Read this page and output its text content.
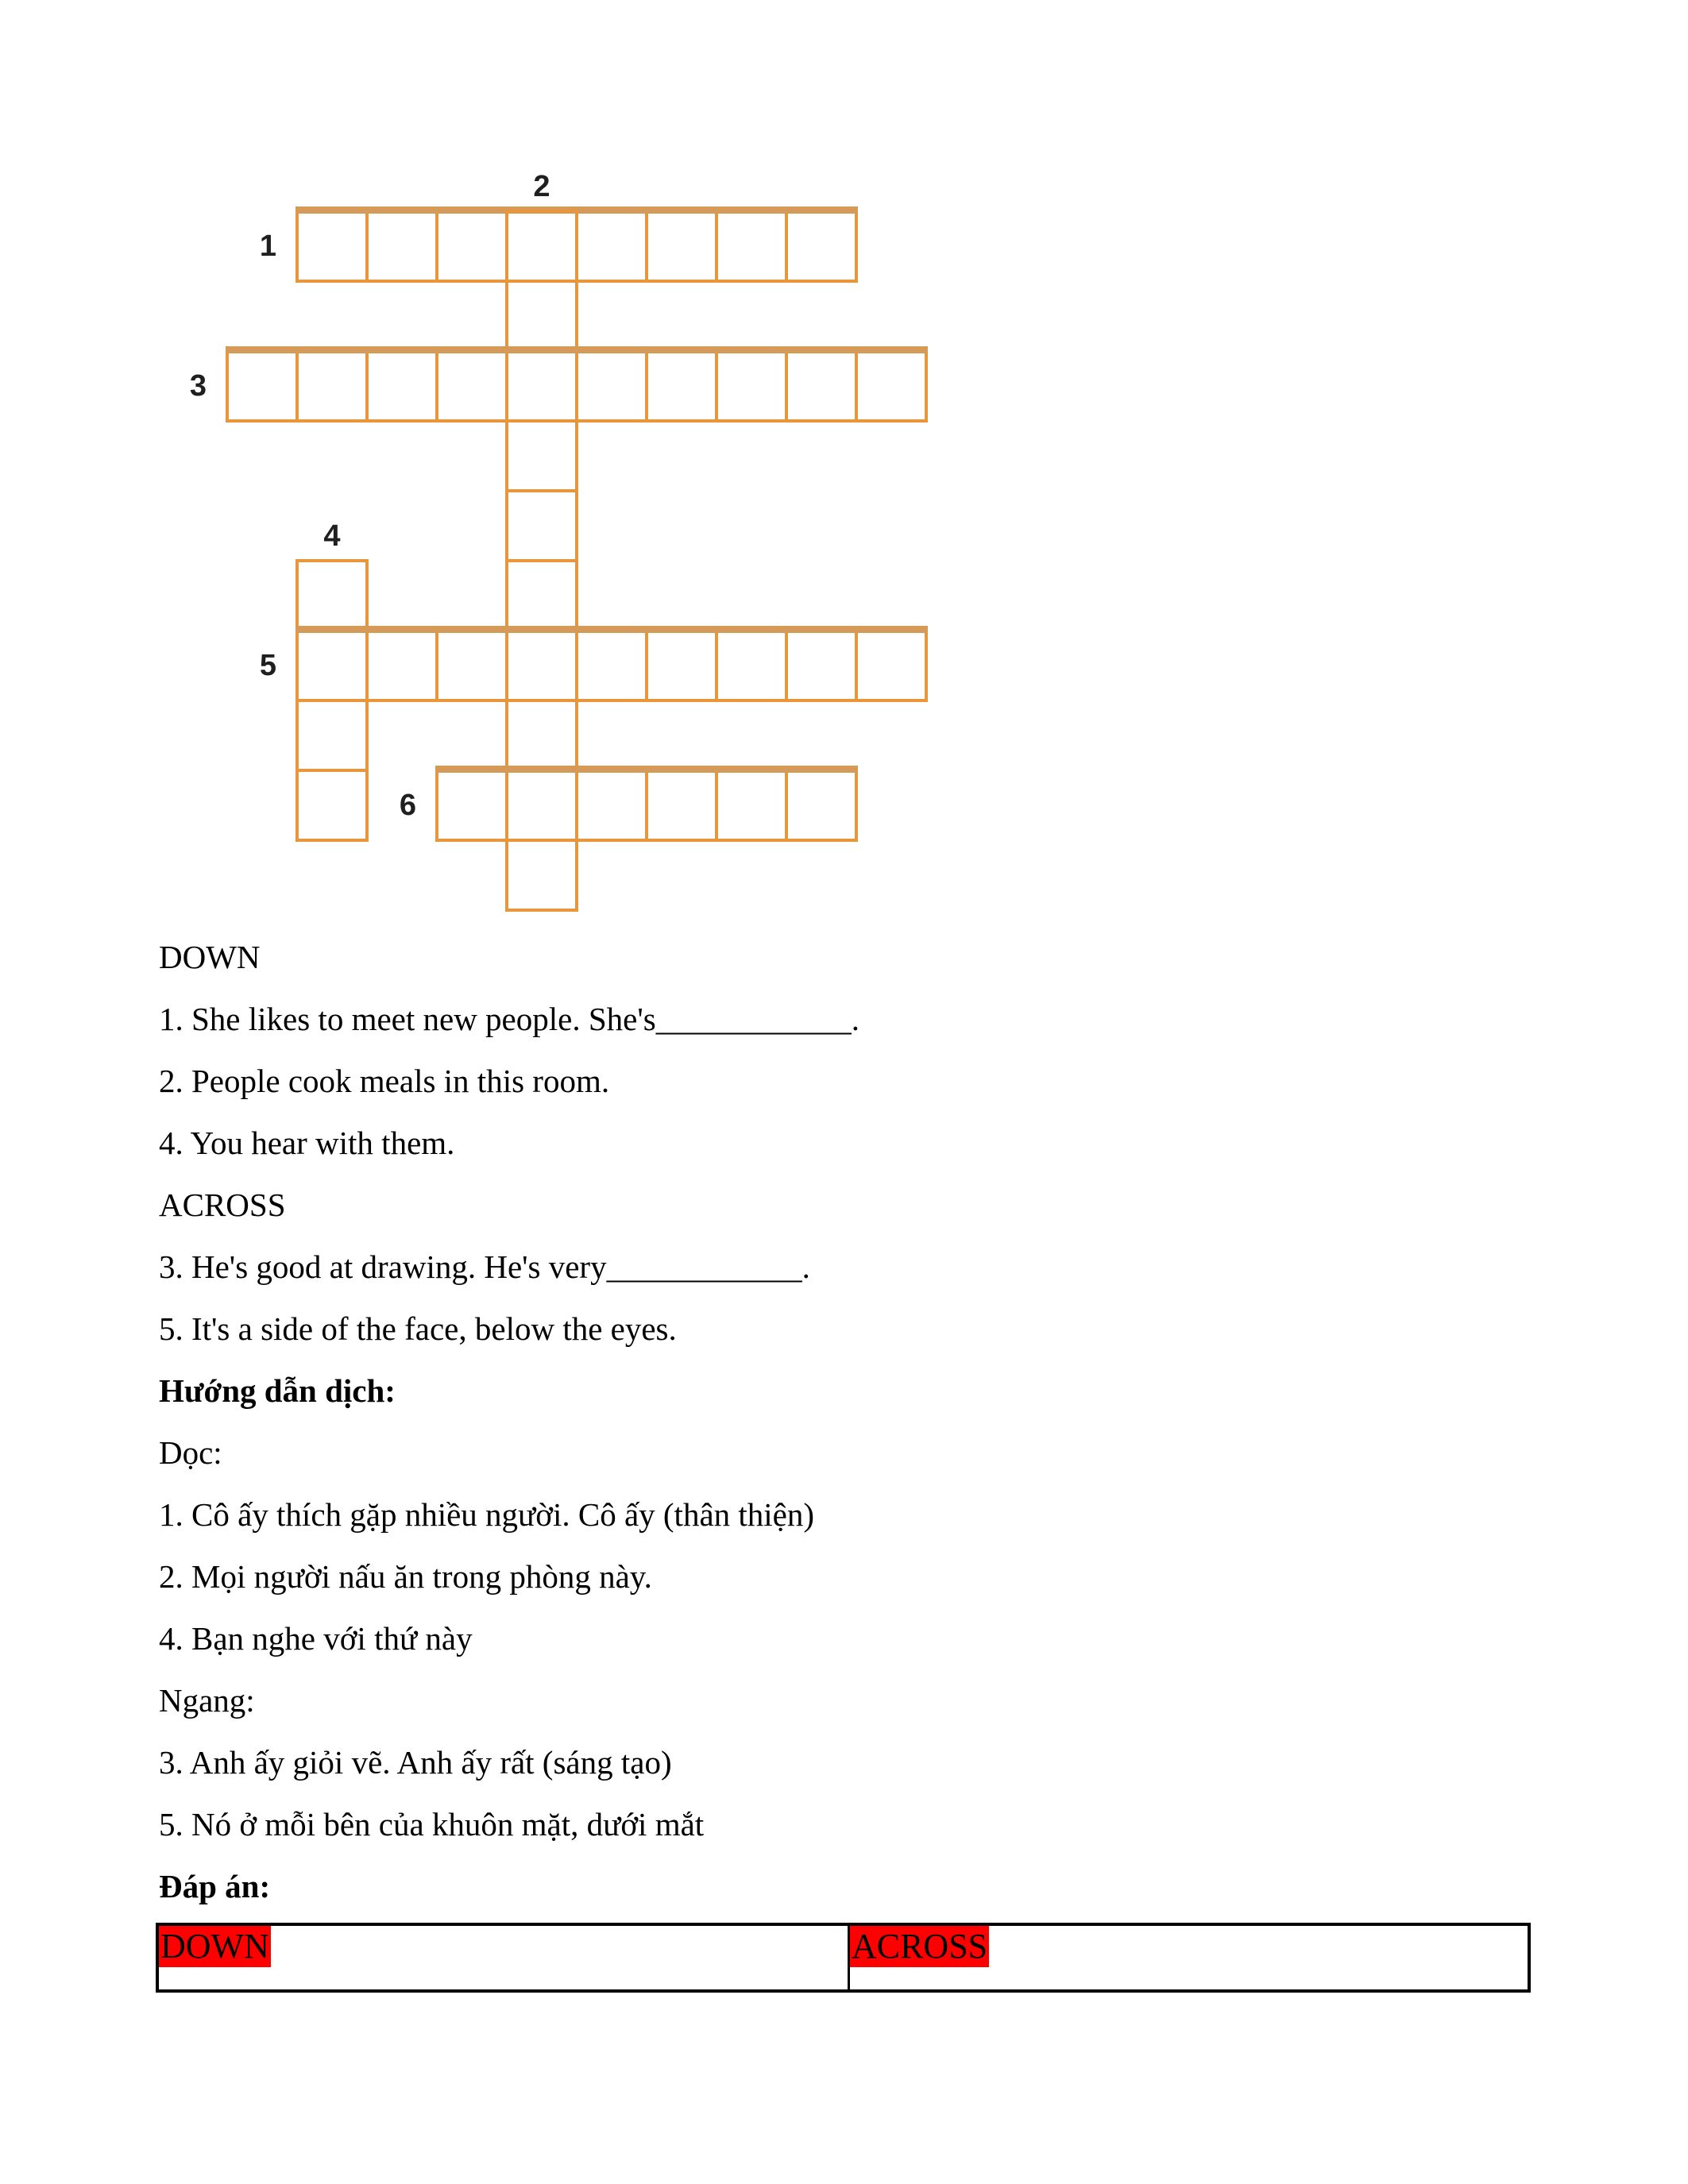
1
2
3
4
5
6

DOWN

1. She likes to meet new people. She's____________.

2. People cook meals in this room.

4. You hear with them.

ACROSS

3. He's good at drawing. He's very____________.

5. It's a side of the face, below the eyes.

Hướng dẫn dịch:

Dọc:

1. Cô ấy thích gặp nhiều người. Cô ấy (thân thiện)

2. Mọi người nấu ăn trong phòng này.

4. Bạn nghe với thứ này

Ngang:

3. Anh ấy giỏi vẽ. Anh ấy rất (sáng tạo)

5. Nó ở mỗi bên của khuôn mặt, dưới mắt

Đáp án:

DOWN	ACROSS
